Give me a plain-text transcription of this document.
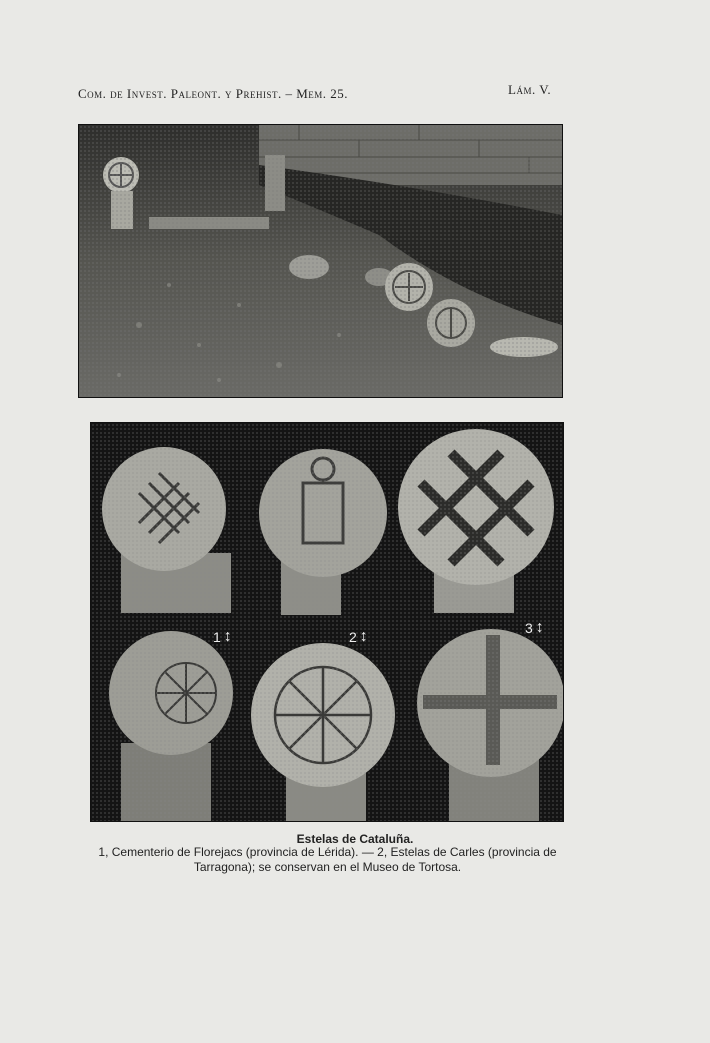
Com. de Invest. Paleont. y Prehist. – Mem. 25.	Lám. V.
1 ↕	2 ↕	3 ↕
Estelas de Cataluña.
1, Cementerio de Florejacs (provincia de Lérida). — 2, Estelas de Carles (provincia de Tarragona); se conservan en el Museo de Tortosa.
